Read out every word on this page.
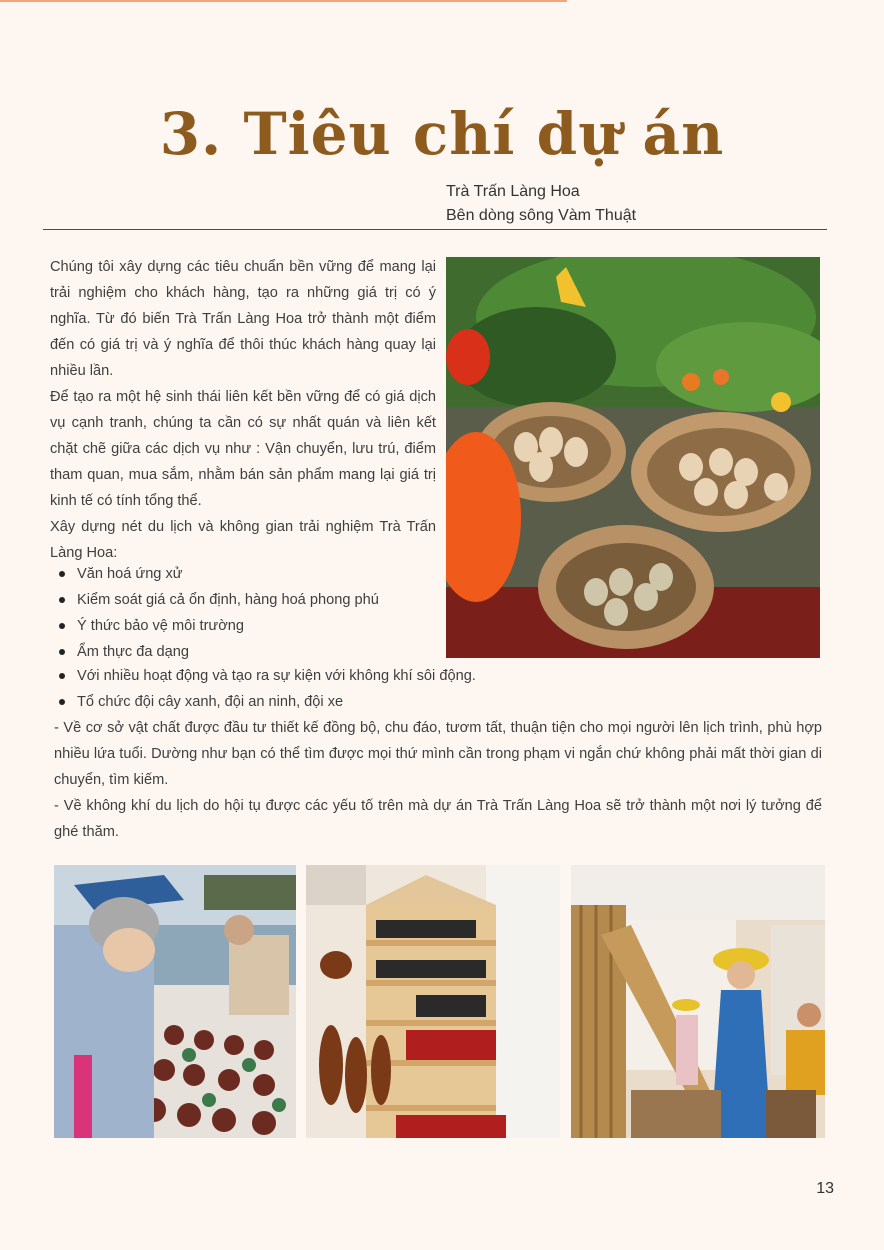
3. Tiêu chí dự án
Trà Trấn Làng Hoa
Bên dòng sông Vàm Thuật

Chúng tôi xây dựng các tiêu chuẩn bền vững để mang lại trải nghiệm cho khách hàng, tạo ra những giá trị có ý nghĩa. Từ đó biến Trà Trấn Làng Hoa trở thành một điểm đến có giá trị và ý nghĩa để thôi thúc khách hàng quay lại nhiều lần.

Để tạo ra một hệ sinh thái liên kết bền vững để có giá dịch vụ cạnh tranh, chúng ta cần có sự nhất quán và liên kết chặt chẽ giữa các dịch vụ như : Vận chuyển, lưu trú, điểm tham quan, mua sắm, nhằm bán sản phẩm mang lại giá trị kinh tế có tính tổng thể.

Xây dựng nét du lịch và không gian trải nghiệm Trà Trấn Làng Hoa:

Văn hoá ứng xử
Kiểm soát giá cả ổn định, hàng hoá phong phú
Ý thức bảo vệ môi trường
Ẩm thực đa dạng
Với nhiều hoạt động và tạo ra sự kiện với không khí sôi động.
Tổ chức đội cây xanh, đội an ninh, đội xe

- Về cơ sở vật chất được đầu tư thiết kế đồng bộ, chu đáo, tươm tất, thuận tiện cho mọi người lên lịch trình, phù hợp nhiều lứa tuổi. Dường như bạn có thể tìm được mọi thứ mình cần trong phạm vi ngắn chứ không phải mất thời gian di chuyển, tìm kiếm.

- Về không khí du lịch do hội tụ được các yếu tố trên mà dự án Trà Trấn Làng Hoa sẽ trở thành một nơi lý tưởng để ghé thăm.

13
